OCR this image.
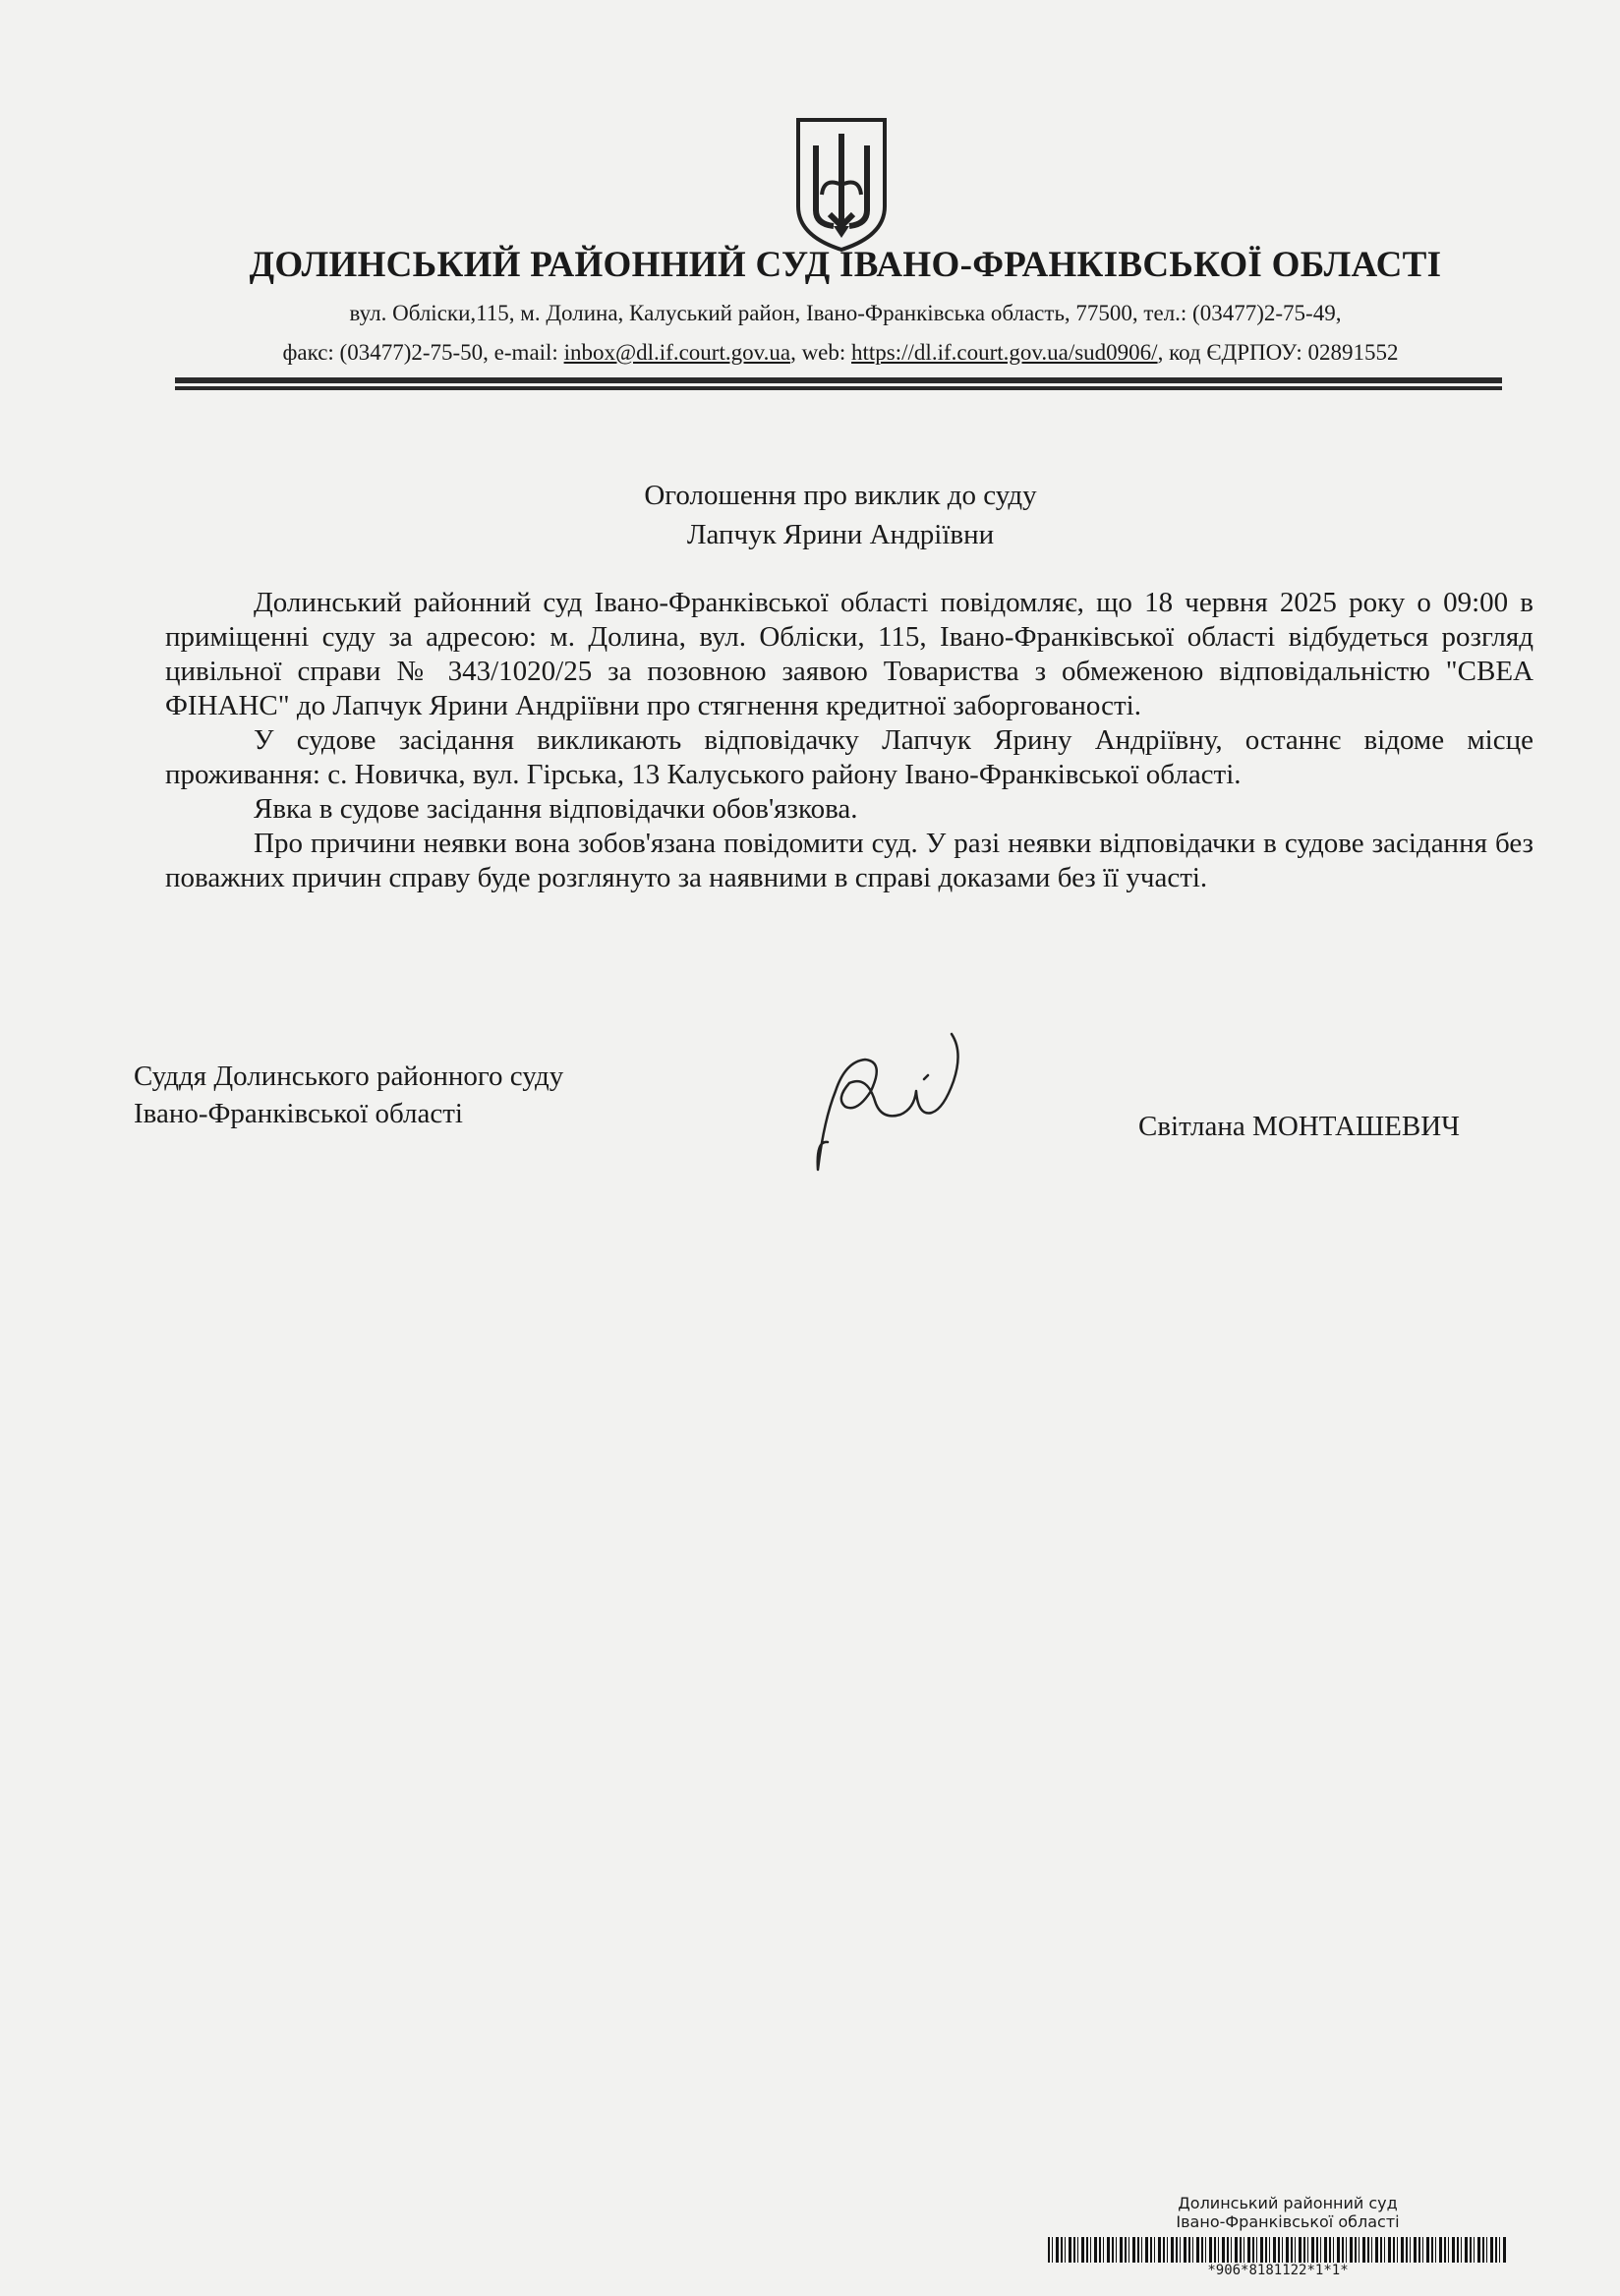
ДОЛИНСЬКИЙ РАЙОННИЙ СУД ІВАНО-ФРАНКІВСЬКОЇ ОБЛАСТІ
вул. Обліски,115, м. Долина, Калуський район, Івано-Франківська область, 77500, тел.: (03477)2-75-49,
факс: (03477)2-75-50, e-mail: inbox@dl.if.court.gov.ua, web: https://dl.if.court.gov.ua/sud0906/, код ЄДРПОУ: 02891552
Оголошення про виклик до суду
Лапчук Ярини Андріївни

Долинський районний суд Івано-Франківської області повідомляє, що 18 червня 2025 року о 09:00 в приміщенні суду за адресою: м. Долина, вул. Обліски, 115, Івано-Франківської області відбудеться розгляд цивільної справи № 343/1020/25 за позовною заявою Товариства з обмеженою відповідальністю "СВЕА ФІНАНС" до Лапчук Ярини Андріївни про стягнення кредитної заборгованості.

У судове засідання викликають відповідачку Лапчук Ярину Андріївну, останнє відоме місце проживання: с. Новичка, вул. Гірська, 13 Калуського району Івано-Франківської області.

Явка в судове засідання відповідачки обов'язкова.

Про причини неявки вона зобов'язана повідомити суд. У разі неявки відповідачки в судове засідання без поважних причин справу буде розглянуто за наявними в справі доказами без її участі.

Суддя Долинського районного суду
Івано-Франківської області	Світлана МОНТАШЕВИЧ
Долинський районний суд
Івано-Франківської області
*906*8181122*1*1*
